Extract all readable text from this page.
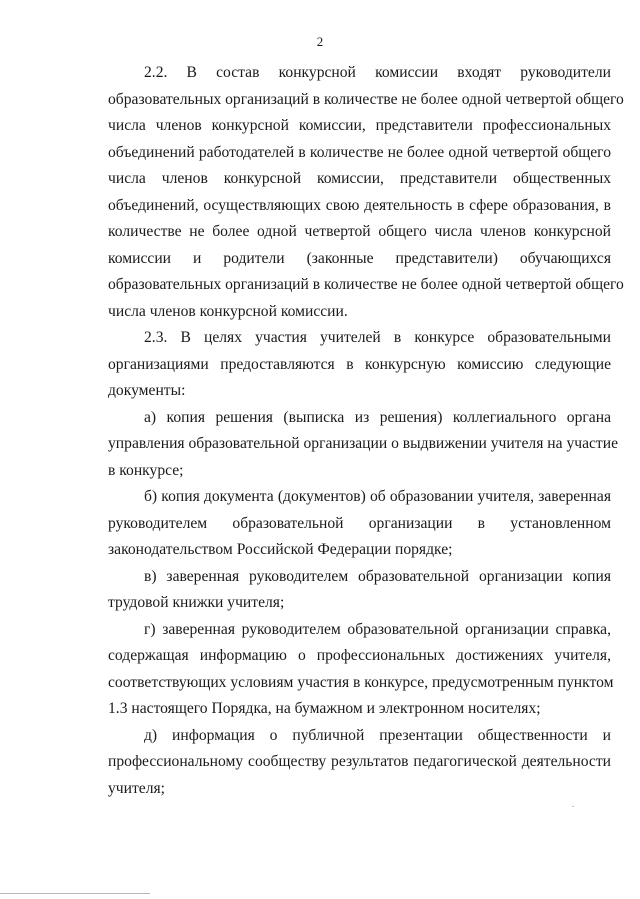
2
2.2. В состав конкурсной комиссии входят руководители
образовательных организаций в количестве не более одной четвертой общего
числа членов конкурсной комиссии, представители профессиональных
объединений работодателей в количестве не более одной четвертой общего
числа членов конкурсной комиссии, представители общественных
объединений, осуществляющих свою деятельность в сфере образования, в
количестве не более одной четвертой общего числа членов конкурсной
комиссии и родители (законные представители) обучающихся
образовательных организаций в количестве не более одной четвертой общего
числа членов конкурсной комиссии.
2.3. В целях участия учителей в конкурсе образовательными
организациями предоставляются в конкурсную комиссию следующие
документы:
а) копия решения (выписка из решения) коллегиального органа
управления образовательной организации о выдвижении учителя на участие
в конкурсе;
б) копия документа (документов) об образовании учителя, заверенная
руководителем образовательной организации в установленном
законодательством Российской Федерации порядке;
в) заверенная руководителем образовательной организации копия
трудовой книжки учителя;
г) заверенная руководителем образовательной организации справка,
содержащая информацию о профессиональных достижениях учителя,
соответствующих условиям участия в конкурсе, предусмотренным пунктом
1.3 настоящего Порядка, на бумажном и электронном носителях;
д) информация о публичной презентации общественности и
профессиональному сообществу результатов педагогической деятельности
учителя;
